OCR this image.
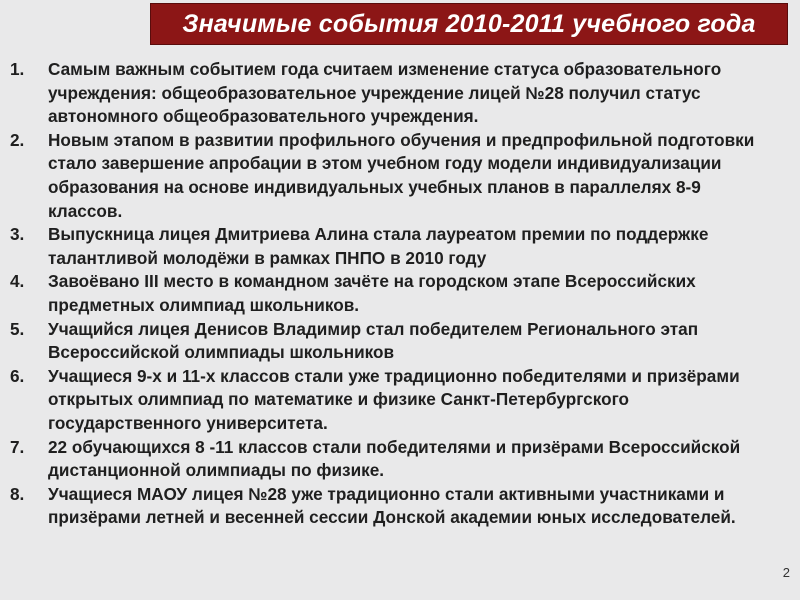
Значимые события 2010-2011 учебного года
1.	Самым важным событием года считаем изменение статуса образовательного учреждения: общеобразовательное учреждение лицей №28 получил статус автономного общеобразовательного учреждения.
2.	Новым этапом в развитии профильного обучения и предпрофильной подготовки стало завершение апробации в этом учебном году модели индивидуализации образования на основе индивидуальных учебных планов в параллелях 8-9 классов.
3.	Выпускница лицея Дмитриева Алина стала лауреатом премии по поддержке талантливой молодёжи в рамках ПНПО в 2010 году
4.	Завоёвано III место в командном зачёте на городском этапе Всероссийских предметных олимпиад школьников.
5.	Учащийся лицея Денисов Владимир стал победителем Регионального этап Всероссийской олимпиады школьников
6.	Учащиеся 9-х и 11-х классов стали уже традиционно победителями и призёрами открытых олимпиад по математике и физике Санкт-Петербургского государственного университета.
7.	22 обучающихся 8 -11 классов стали победителями и призёрами Всероссийской дистанционной олимпиады по физике.
8.	Учащиеся МАОУ лицея №28 уже традиционно стали активными участниками и призёрами летней и весенней сессии Донской академии юных исследователей.
2
